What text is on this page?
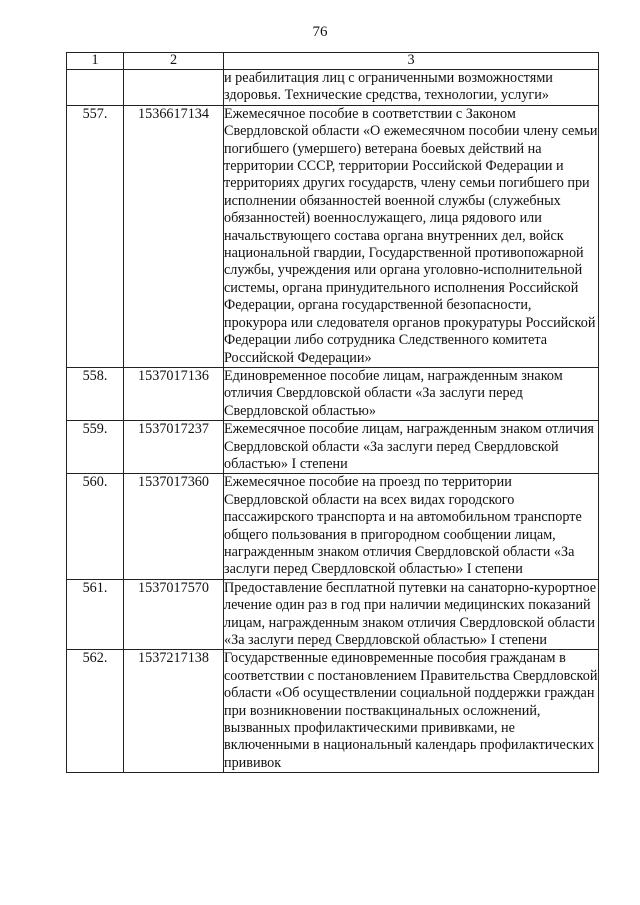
76
1	2	3
		и реабилитация лиц с ограниченными возможностями здоровья. Технические средства, технологии, услуги»
557.	1536617134	Ежемесячное пособие в соответствии с Законом Свердловской области «О ежемесячном пособии члену семьи погибшего (умершего) ветерана боевых действий на территории СССР, территории Российской Федерации и территориях других государств, члену семьи погибшего при исполнении обязанностей военной службы (служебных обязанностей) военнослужащего, лица рядового или начальствующего состава органа внутренних дел, войск национальной гвардии, Государственной противопожарной службы, учреждения или органа уголовно-исполнительной системы, органа принудительного исполнения Российской Федерации, органа государственной безопасности, прокурора или следователя органов прокуратуры Российской Федерации либо сотрудника Следственного комитета Российской Федерации»
558.	1537017136	Единовременное пособие лицам, награжденным знаком отличия Свердловской области «За заслуги перед Свердловской областью»
559.	1537017237	Ежемесячное пособие лицам, награжденным знаком отличия Свердловской области «За заслуги перед Свердловской областью» I степени
560.	1537017360	Ежемесячное пособие на проезд по территории Свердловской области на всех видах городского пассажирского транспорта и на автомобильном транспорте общего пользования в пригородном сообщении лицам, награжденным знаком отличия Свердловской области «За заслуги перед Свердловской областью» I степени
561.	1537017570	Предоставление бесплатной путевки на санаторно-курортное лечение один раз в год при наличии медицинских показаний лицам, награжденным знаком отличия Свердловской области «За заслуги перед Свердловской областью» I степени
562.	1537217138	Государственные единовременные пособия гражданам в соответствии с постановлением Правительства Свердловской области «Об осуществлении социальной поддержки граждан при возникновении поствакцинальных осложнений, вызванных профилактическими прививками, не включенными в национальный календарь профилактических прививок
